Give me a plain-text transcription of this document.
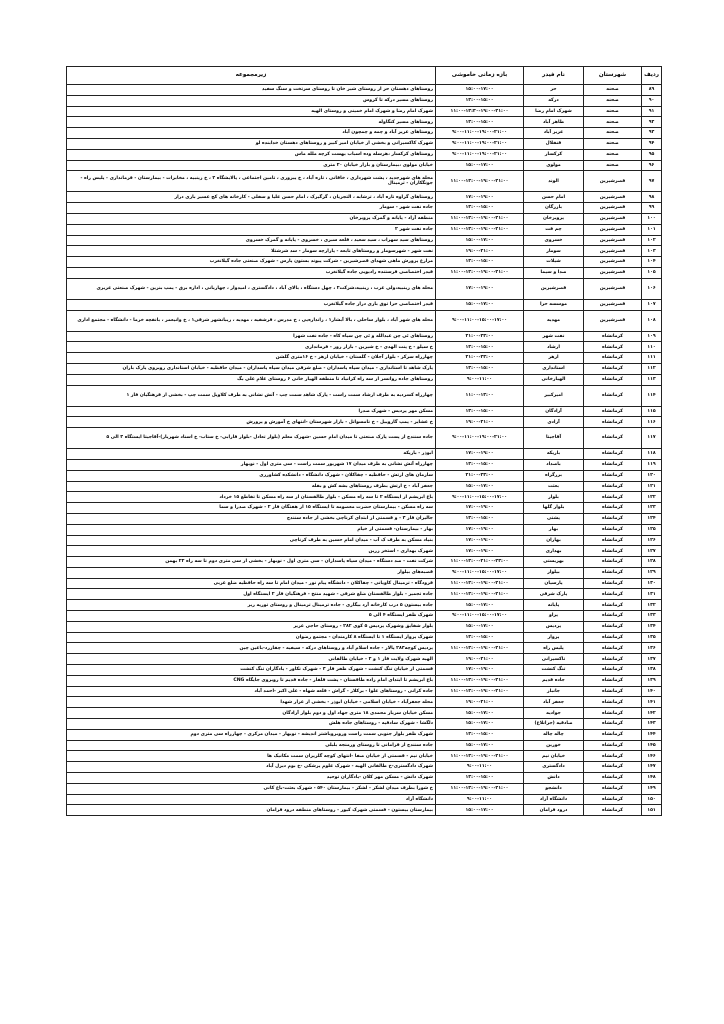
ردیف	شهرستان	نام فیدر	بازه زمانی خاموشی	زیرمجموعه
۸۹	صحنه	حر	۱۵:۰۰-۱۷:۰۰	روستاهای دهستان حر از روستای شیر خان تا روستای سرتخت و سنگ سفید
۹۰	صحنه	درکه	۱۳:۰۰-۱۵:۰۰	روستاهای مسیر درکه تا کروس
۹۱	صحنه	شهرک امام رضا	۱۱:۰۰-۱۳:۳۰-۱۹:۰۰-۲۱:۰۰	شهرک امام رضا و شهرک امام خمینی و روستای الهیه
۹۲	صحنه	طاهر آباد	۱۳:۰۰-۱۵:۰۰	روستاهای مسیر کنگاوله
۹۳	صحنه	عزیز آباد	۹:۰۰-۱۱:۰۰-۱۹:۰۰-۲۱:۰۰	روستاهای عزیز آباد و چمه و چمچون آباد
۹۴	صحنه	قنقلال	۹:۰۰-۱۱:۰۰-۱۹:۰۰-۲۱:۰۰	شهرک کاکسیرانی و بخشی از خیابان امیر کبیر و روستاهای دهستان خدابنده لو
۹۵	صحنه	کرکسار	۹:۰۰-۱۱:۰۰-۱۹:۰۰-۲۱:۰۰	روستاهای کرکسار ،هرسله وده اسباب بهست کرچه ملله ماس
۹۶	صحنه	مولوی	۱۵:۰۰-۱۷:۰۰	خیابان مولوی ،بیمارستان و بازار خیابان ۲۰ متری
۹۷	قصرشیرین	الوند	۱۱:۰۰-۱۳:۰۰-۱۹:۰۰-۲۱:۰۰	محله های شهرجدید ، پشت شهرداری ، خاقانی ، تازه آباد ، خ پیروزی ، تامین اجتماعی ، پالایشگاه ۲ ، خ زینبیه ، مخابرات - بیمارستان - فرمانداری - پلیس راه - جونگکاران - ترمینال
۹۸	قصرشیرین	امام حسن	۱۷:۰۰-۱۹:۰۰	روستاهای گراوه تازه آباد ، ترشابه ، التجریان ، گرگیرک ، امام حسن علیا و سفلی - کارخانه های کج عسیر بازی دراز
۹۹	قصرشیرین	بازرگان	۱۳:۰۰-۱۵:۰۰	جاده نفت شهر - سومار
۱۰۰	قصرشیرین	پرویزخان	۱۱:۰۰-۱۳:۰۰-۱۹:۰۰-۲۱:۰۰	منطقه آزاد - پایانه و گمرک پرویزخان
۱۰۱	قصرشیرین	چم فت	۱۱:۰۰-۱۳:۰۰-۱۹:۰۰-۲۱:۰۰	جاده نفت شهر ۲
۱۰۲	قصرشیرین	خسروی	۱۵:۰۰-۱۷:۰۰	روستاهای سید سهراب ، سید سعید ، قلعه سبزی ، خسروی - پایانه و گمرک خسروی
۱۰۳	قصرشیرین	سومار	۱۹:۰۰-۲۱:۰۰	نفت شهر - شهرسومار و روستاهای تابعه - پازارچه سومار - سد شرشتلا
۱۰۴	قصرشیرین	شیلات	۱۳:۰۰-۱۵:۰۰	مزارع پرورش ماهی شهدای قصرشیرین - شرکت پیوند بستون پارس - شهرک صنعتی جاده گیلانغرب
۱۰۵	قصرشیرین	صدا و سیما	۱۱:۰۰-۱۳:۰۰-۱۹:۰۰-۲۱:۰۰	فیدر اختصاصی فرستنده رادیویی جاده گیلانغرب
۱۰۶	قصرشیرین	قصرشیرین	۱۷:۰۰-۱۹:۰۰	محله های زینبیه،ولی غرب ، زینبیه،شرکت۲ ، چهل دستگاه ، بالای آباد ، دادگستری ، امیدوار ، چهاربانی ، اداره برق - پمپ بنزین - شهرک صنعتی عزیزی
۱۰۷	قصرشیرین	موسسه حرا	۱۵:۰۰-۱۷:۰۰	فیدر اختصاصی حرا توق بازی دراز جاده گیلانغرب
۱۰۸	قصرشیرین	مهدیه	۹:۰۰-۱۱:۰۰-۱۵:۰۰-۱۷:۰۰	محله های شهر آباد ، بلوار ساحلی ، بالا آبشار۱ ، زانداره‌یی ، خ مدرس ، فرشقیه ، مهدیه ، زیبانشهر شرقی۱ ، خ وانیعمر ، بانقچه خرما - دانشگاه - مجتمع اداری
۱۰۹	کرمانشاه	نفت شهر	۲۱:۰۰-۲۳:۰۰	روستاهای ئی چن عبدالله و ئی چن سیاه کاه - جاده نفت شهرا
۱۱۰	کرمانشاه	ارشاد	۱۳:۰۰-۱۵:۰۰	خ سیلو - خ پنت الهدی - خ شیرین - بازار روز - فرمانداری
۱۱۱	کرمانشاه	ازهر	۲۱:۰۰-۲۳:۰۰	چهارراه سرکر - بلوار آجلان - گلستان - خیابان ازهر - خ ۱۶متری گلشن
۱۱۲	کرمانشاه	استانداری	۱۳:۰۰-۱۵:۰۰	پارک شاهد تا استانداری - میدان سپاه پاسداران - ضلع شرقی میدان سپاه پاسداران - میدان حافظیه - خیابان استانداری روبروی پارک باران
۱۱۳	کرمانشاه	الهیارخانی	۹:۰۰-۱۱:۰۰	روستاهای جاده روانسر از سه راه کرانیاد تا منطقه الهیار خانی ۶ روستای غلام علی بگ
۱۱۴	کرمانشاه	امیرکبیر	۱۱:۰۰-۱۳:۰۰	چهارراه کسردیه به طرف ارشاد سمت راست - پارک شاهد سمت چپ - آتش نشانی به طرف کلاویل سمت چپ - بخشی از فرهنگیان فاز ۱
۱۱۵	کرمانشاه	آزادگان	۱۳:۰۰-۱۵:۰۰	مسکن مهر پردیس - شهرک صدرا
۱۱۶	کرمانشاه	آزادی	۱۹:۰۰-۲۱:۰۰	خ عشایر - پمپ گازوییل - خ تامسواتل - بازار شهرستان -انتهای خ آموزش و پرورش
۱۱۷	کرمانشاه	آقاجیتا	۹:۰۰-۱۱:۰۰-۱۹:۰۰-۲۱:۰۰	جاده سنندج از پست پارک صنعتی تا میدان امام حسین -شهرک معلم (بلوار تعادل -بلوار فارابی- خ ستاب- خ اسناد شهریار)-آقاجیتا ایستگاه ۳ الی ۵
۱۱۸	کرمانشاه	باریکه	۱۷:۰۰-۱۹:۰۰	ابوذر - باریکه
۱۱۹	کرمانشاه	باصداد	۱۳:۰۰-۱۵:۰۰	چهارراه آتش نشانی به طرف میدان ۱۷ شهریور سمت راست - سی متری اول - نوبهار
۱۲۰	کرمانشاه	بزرگراه	۲۱:۰۰-۲۳:۰۰	سازمان های ارتش - حافظیه - چقاکلان - شهرک دانشگاه - دانشکده کشاورزی
۱۲۱	کرمانشاه	بعثت	۱۵:۰۰-۱۷:۰۰	جعفر آباد - خ ارتش بطرف روستاهای بشه کش و بقله
۱۲۲	کرمانشاه	بلوار	۹:۰۰-۱۱:۰۰-۱۵:۰۰-۱۷:۰۰	باغ ابریشم از ایستگاه ۲ تا سه راه مسکن - بلوار طالقستان از سه راه مسکن تا تقاطع ۱۵ خرداد
۱۲۳	کرمانشاه	بلوار گلها	۱۷:۰۰-۱۹:۰۰	سه راه مسکن - بیمارستان حضرت معصومه تا ایستگاه ۱۵ از هفتگان فاز ۲ - شهرک صدرا و سما
۱۲۴	کرمانشاه	پشتی	۱۳:۰۰-۱۵:۰۰	جالیزان فاز ۳ - و قسمتی از ابتدای کرناچی بخشی از جاده سنندج
۱۲۵	کرمانشاه	بهار	۱۷:۰۰-۱۹:۰۰	بهار - بیمارستان- قسمتی از خیام
۱۲۶	کرمانشاه	بهاران	۱۷:۰۰-۱۹:۰۰	بنیاد مسکن به طرف ک آب - میدان امام حسین به طرف کرناچی
۱۲۷	کرمانشاه	بهداری	۱۷:۰۰-۱۹:۰۰	شهرک بهداری - استخر زرین
۱۲۸	کرمانشاه	بهزیستی	۱۱:۰۰-۱۳:۰۰-۲۱:۰۰-۲۳:۰۰	شرکت نفت - صد دستگاه - میدان سپاه پاسداران - سی متری اول - نوبهار - بخشی از سی متری دوم تا سه راه ۲۲ بهمن
۱۲۹	کرمانشاه	بیلوار	۹:۰۰-۱۱:۰۰-۱۵:۰۰-۱۷:۰۰	قصبه‌های بیلوار
۱۳۰	کرمانشاه	پارسیان	۱۱:۰۰-۱۳:۰۰-۱۹:۰۰-۲۱:۰۰	فرودگاه - ترمینال کاویانی - چقاکلان - دانشگاه پیام نور - میدان امام تا سه راه حافظیه ضلع غربی
۱۳۱	کرمانشاه	پارک شرقی	۱۱:۰۰-۱۳:۰۰-۱۹:۰۰-۲۱:۰۰	جاده تجمیر - بلوار طالقستان ضلع شرقی - شهید منتخ - فرهنگیان فاز ۲ ایستگاه اول
۱۳۲	کرمانشاه	پایانه	۱۵:۰۰-۱۷:۰۰	جاده بیستون ۵ درب کارخانه آرد بیگاری - جاده ترمینال ترمینال و روستای تورپه ریز
۱۳۳	کرمانشاه	پراو	۹:۰۰-۱۱:۰۰-۱۵:۰۰-۱۷:۰۰	شهرک ظفر ایستگاه ۴ الی ۵
۱۳۴	کرمانشاه	پردیس	۱۵:۰۰-۱۷:۰۰	بلوار شقایق وشهرک پردیس ۵ کوی ۲۸۲ - روستای حاجی عزیز
۱۳۵	کرمانشاه	پرواز	۱۳:۰۰-۱۵:۰۰	شهرک پرواز ایستگاه ۱ تا ایستگاه ۸ کارمندان - مجتمع رضوان
۱۳۶	کرمانشاه	پلیس راه	۱۱:۰۰-۱۳:۰۰-۱۹:۰۰-۲۱:۰۰	پردیس کوچه۲۸۳ پالاز - جاده اسلام آباد و روستاهای درکه - سیفیه - چقازرد-باغین چین
۱۳۷	کرمانشاه	تاکسیرانی	۱۹:۰۰-۲۱:۰۰	الهیه شهرک ولایت فاز ۱ و ۲ - خیابان طالقانی
۱۳۸	کرمانشاه	تنگ کنشت	۱۷:۰۰-۱۹:۰۰	قسمتی از خیابان تنگ کنشت - شهرک ظفر فاز ۳ - شهرک تکاور - یادگاران تنگ کنشت
۱۳۹	کرمانشاه	جاده قدیم	۱۱:۰۰-۱۳:۰۰-۱۹:۰۰-۲۱:۰۰	باغ ابریشم تا ابتدای امام زاده طاقستان - پشت فلقار - جاده قدیم تا روبروی جایگاه CNG
۱۴۰	کرمانشاه	جانباز	۱۱:۰۰-۱۳:۰۰-۱۹:۰۰-۲۱:۰۰	جاده کرانی - روستاهای علوا - بزکلار - گراش - قلعه شهاه - علی اکبر -احمد آباد
۱۴۱	کرمانشاه	جعفر آباد	۱۹:۰۰-۲۱:۰۰	محله جعفرآباد - خیابان اسلامی - خیابان ابوذر - بخشی از عزار شهدا
۱۴۲	کرمانشاه	جوادیه	۱۵:۰۰-۱۷:۰۰	مسکن خیابان سرباز محمدی ۱۸ متری جهاد اول و دوم بلوار آزادگان
۱۴۳	کرمانشاه	صادقیه (جرانلاغ)	۱۵:۰۰-۱۷:۰۰	دلگشا - شهرک سادقیه - روستاهای جاده هلش
۱۴۴	کرمانشاه	چاله چاله	۱۳:۰۰-۱۵:۰۰	شهرک ظفر بلوار جنوبی سمت راست وروبروباشتر اندیشه - نوبهار - میدان مرکزی - چهارراه سی متری دوم
۱۴۵	کرمانشاه	خورین	۱۵:۰۰-۱۷:۰۰	جاده سنندج از فرامانی تا روستای ورمنجه بلبلی
۱۴۶	کرمانشاه	خیابان نیم	۱۱:۰۰-۱۳:۰۰-۱۹:۰۰-۲۱:۰۰	خیابان نیم - قسمتی از خیابان صفا -انتهای کوچه گلریزان سمت مکانیک ها
۱۴۷	کرمانشاه	دادگستری	۹:۰۰-۱۱:۰۰	شهرک دادگستری-خ طالقانی الهیه - شهرک علوم پزشکی -خ بوم دیزل آباد
۱۴۸	کرمانشاه	دانش	۱۳:۰۰-۱۵:۰۰	شهرک دانش - مسکن مهر کلان -یادگاران توحید
۱۴۹	کرمانشاه	دانشجو	۱۱:۰۰-۱۳:۰۰-۱۹:۰۰-۲۱:۰۰	خ شورا بطرف میدان لشکر - لشکر - بیمارستان ۵۴۰ - شهرک بعثت-باغ کانی
۱۵۰	کرمانشاه	دانشگاه آزاد	۹:۰۰-۱۱:۰۰	دانشگاه آزاد
۱۵۱	کرمانشاه	درود فرامان	۱۵:۰۰-۱۷:۰۰	بیمارستان بیستون - قسمتی شهرک کیوز - روستاهای منطقه درود فرامان
